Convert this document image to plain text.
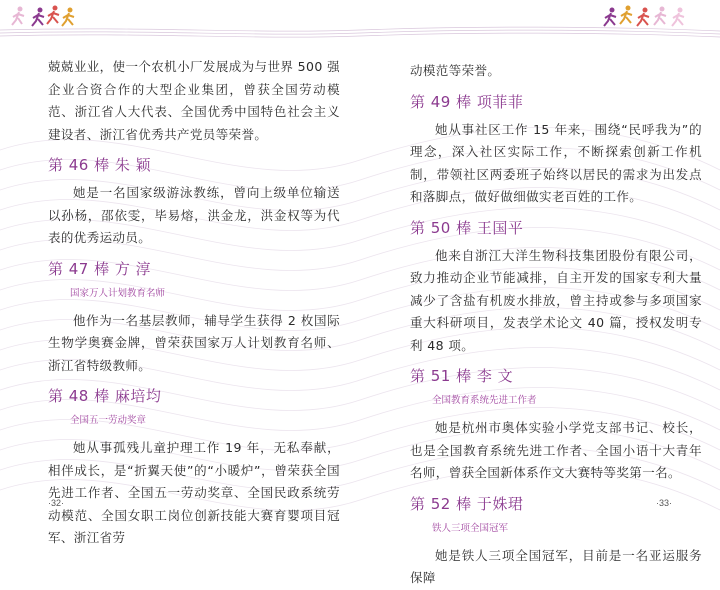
兢兢业业，使一个农机小厂发展成为与世界 500 强企业合资合作的大型企业集团，曾获全国劳动模范、浙江省人大代表、全国优秀中国特色社会主义建设者、浙江省优秀共产党员等荣誉。

第 46 棒 朱 颖

她是一名国家级游泳教练，曾向上级单位输送以孙杨，邵依雯，毕易熔，洪金龙，洪金权等为代表的优秀运动员。

第 47 棒 方 淳
国家万人计划教育名师

他作为一名基层教师，辅导学生获得 2 枚国际生物学奥赛金牌，曾荣获国家万人计划教育名师、浙江省特级教师。

第 48 棒 麻培均
全国五一劳动奖章

她从事孤残儿童护理工作 19 年，无私奉献，相伴成长，是“折翼天使”的“小暖炉”，曾荣获全国先进工作者、全国五一劳动奖章、全国民政系统劳动模范、全国女职工岗位创新技能大赛育婴项目冠军、浙江省劳

·32·

动模范等荣誉。

第 49 棒 项菲菲

她从事社区工作 15 年来，围绕“民呼我为”的理念，深入社区实际工作，不断探索创新工作机制，带领社区两委班子始终以居民的需求为出发点和落脚点，做好做细做实老百姓的工作。

第 50 棒 王国平

他来自浙江大洋生物科技集团股份有限公司，致力推动企业节能减排，自主开发的国家专利大量减少了含盐有机废水排放，曾主持或参与多项国家重大科研项目，发表学术论文 40 篇，授权发明专利 48 项。

第 51 棒 李 文
全国教育系统先进工作者

她是杭州市奥体实验小学党支部书记、校长，也是全国教育系统先进工作者、全国小语十大青年名师，曾获全国新体系作文大赛特等奖第一名。

第 52 棒 于姝珺
铁人三项全国冠军

她是铁人三项全国冠军，目前是一名亚运服务保障

·33·
